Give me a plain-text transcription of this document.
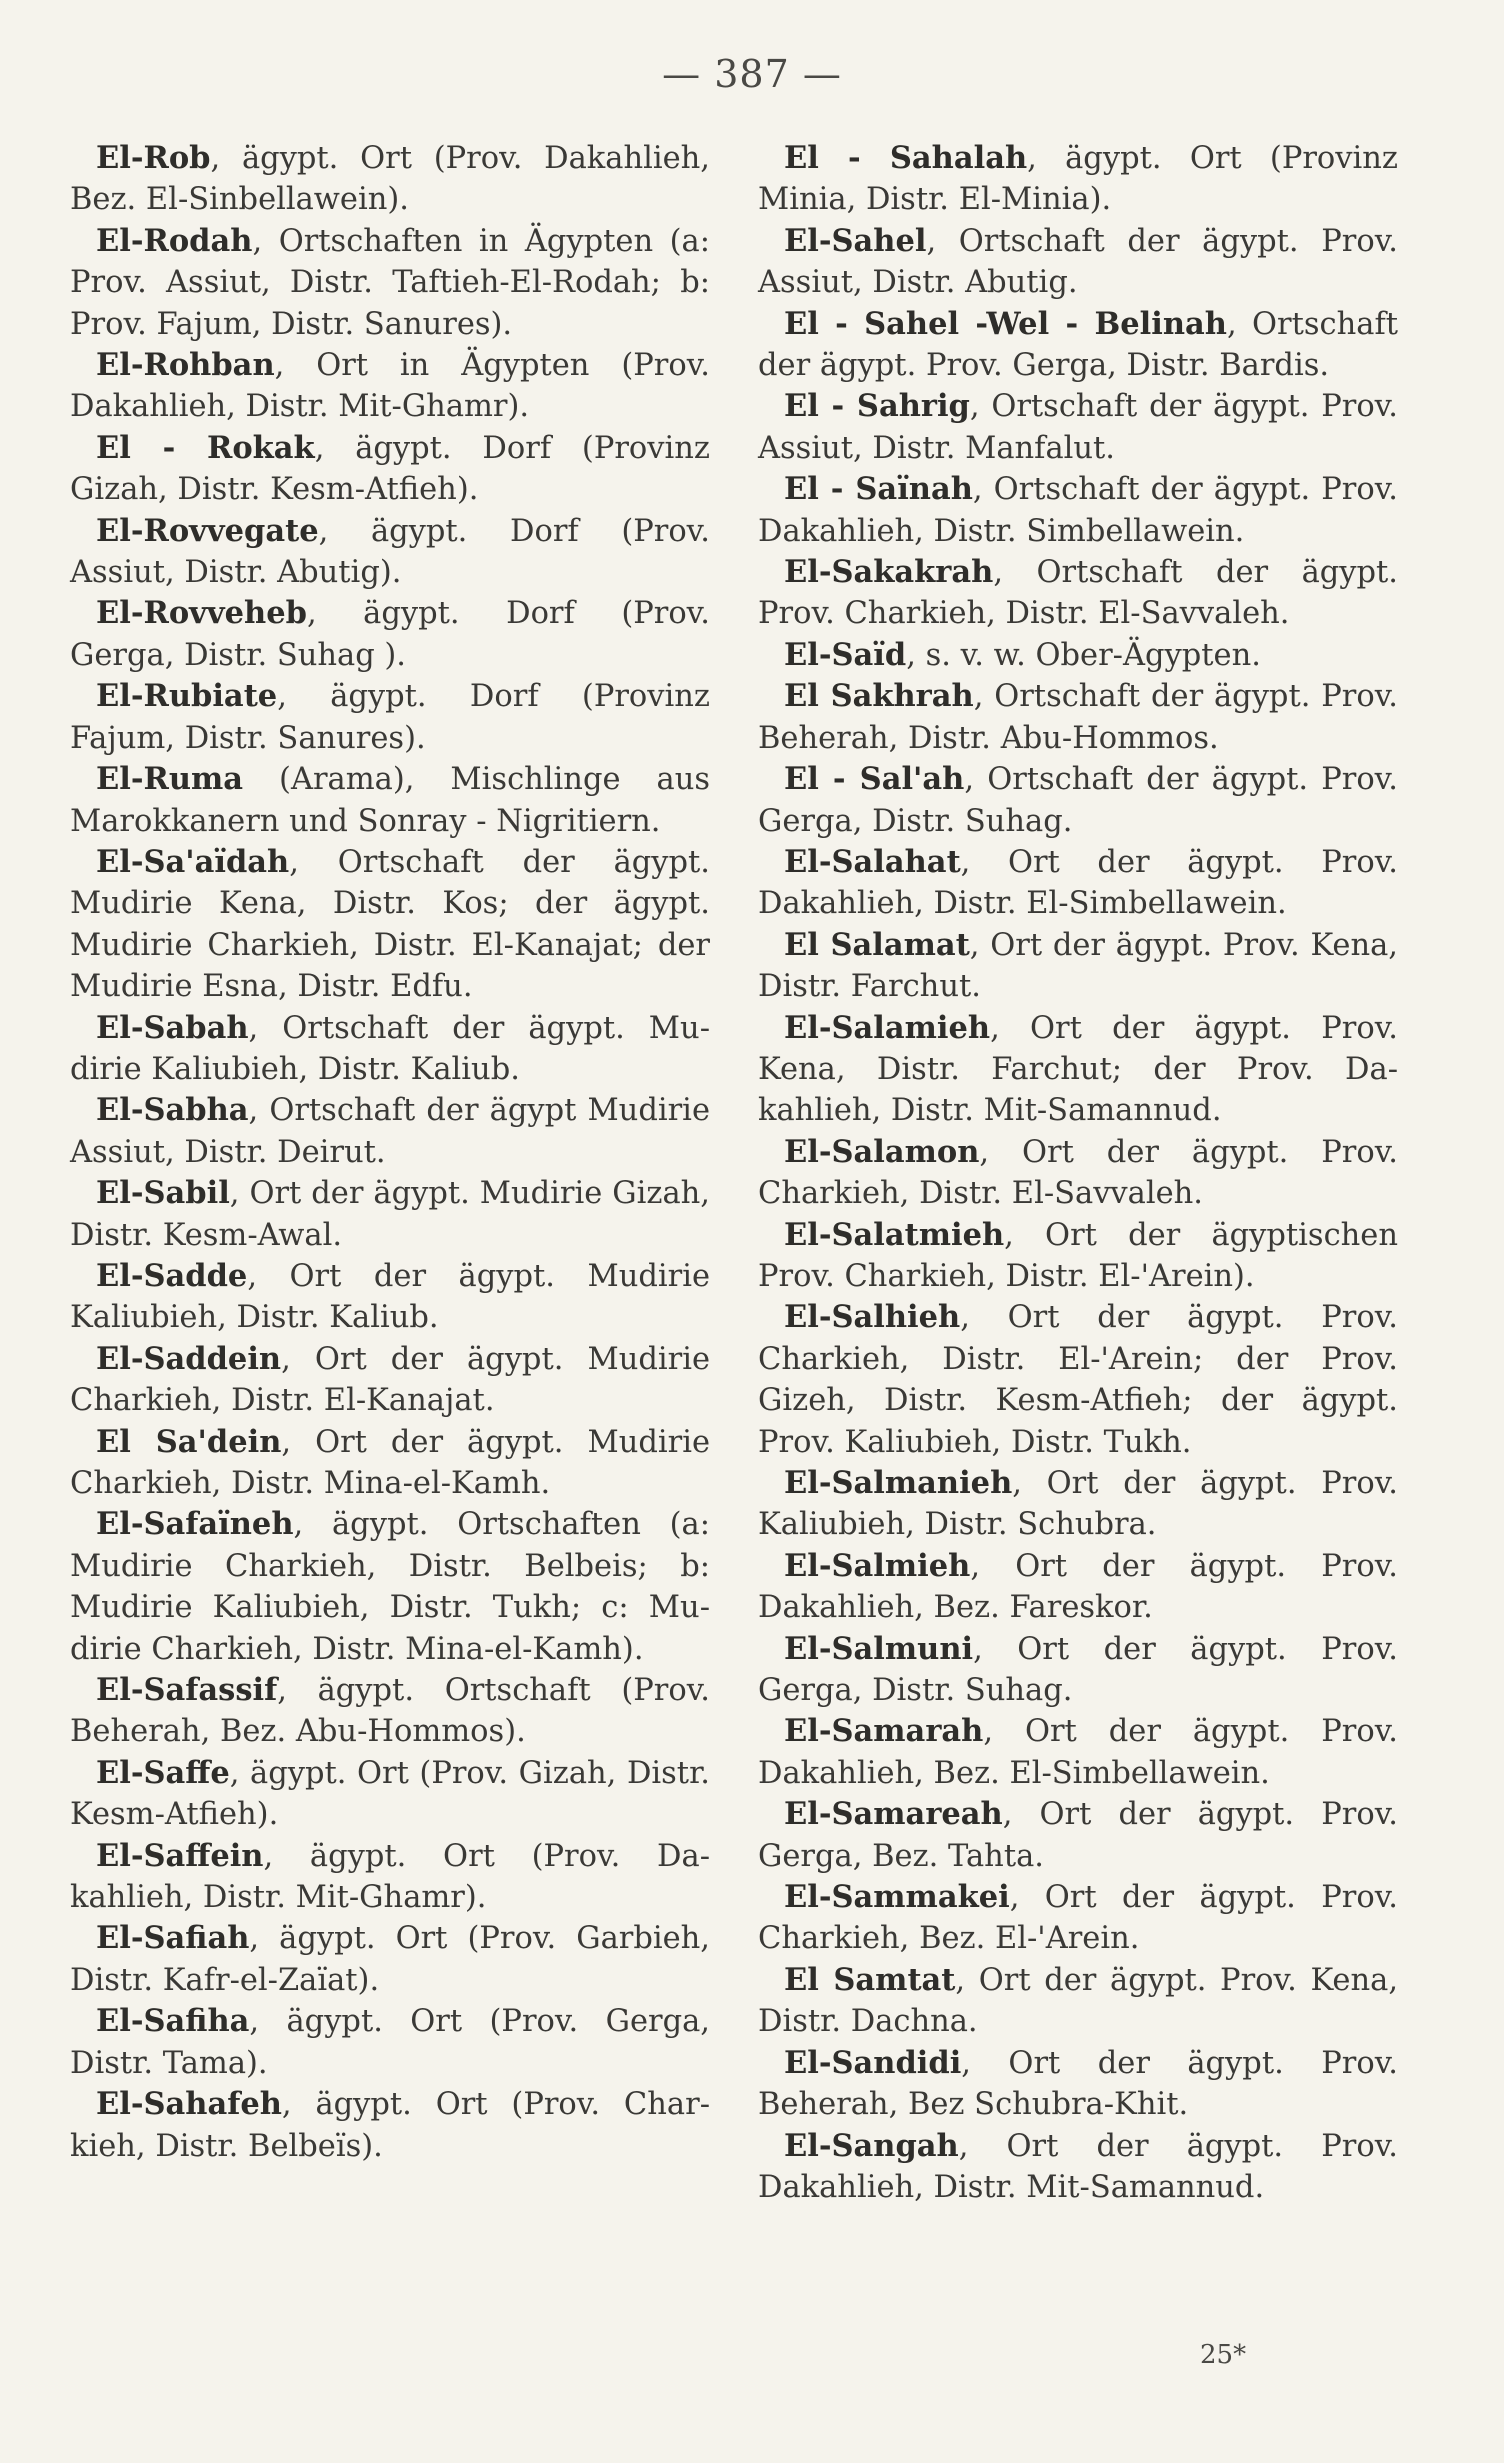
— 387 —

El-Rob, ägypt. Ort (Prov. Dakahlieh, Bez. El-Sinbellawein).

El-Rodah, Ortschaften in Ägypten (a: Prov. Assiut, Distr. Taftieh-El-Rodah; b: Prov. Fajum, Distr. Sanures).

El-Rohban, Ort in Ägypten (Prov. Dakahlieh, Distr. Mit-Ghamr).

El - Rokak, ägypt. Dorf (Provinz Gizah, Distr. Kesm-Atfieh).

El-Rovvegate, ägypt. Dorf (Prov. Assiut, Distr. Abutig).

El-Rovveheb, ägypt. Dorf (Prov. Gerga, Distr. Suhag ).

El-Rubiate, ägypt. Dorf (Provinz Fajum, Distr. Sanures).

El-Ruma (Arama), Mischlinge aus Marokkanern und Sonray - Nigritiern.

El-Sa'aïdah, Ortschaft der ägypt. Mudirie Kena, Distr. Kos; der ägypt. Mudirie Charkieh, Distr. El-Kanajat; der Mudirie Esna, Distr. Edfu.

El-Sabah, Ortschaft der ägypt. Mudirie Kaliubieh, Distr. Kaliub.

El-Sabha, Ortschaft der ägypt Mudirie Assiut, Distr. Deirut.

El-Sabil, Ort der ägypt. Mudirie Gizah, Distr. Kesm-Awal.

El-Sadde, Ort der ägypt. Mudirie Kaliubieh, Distr. Kaliub.

El-Saddein, Ort der ägypt. Mudirie Charkieh, Distr. El-Kanajat.

El Sa'dein, Ort der ägypt. Mudirie Charkieh, Distr. Mina-el-Kamh.

El-Safaïneh, ägypt. Ortschaften (a: Mudirie Charkieh, Distr. Belbeis; b: Mudirie Kaliubieh, Distr. Tukh; c: Mudirie Charkieh, Distr. Mina-el-Kamh).

El-Safassif, ägypt. Ortschaft (Prov. Beherah, Bez. Abu-Hommos).

El-Saffe, ägypt. Ort (Prov. Gizah, Distr. Kesm-Atfieh).

El-Saffein, ägypt. Ort (Prov. Dakahlieh, Distr. Mit-Ghamr).

El-Safiah, ägypt. Ort (Prov. Garbieh, Distr. Kafr-el-Zaïat).

El-Safiha, ägypt. Ort (Prov. Gerga, Distr. Tama).

El-Sahafeh, ägypt. Ort (Prov. Charkieh, Distr. Belbeïs).

El - Sahalah, ägypt. Ort (Provinz Minia, Distr. El-Minia).

El-Sahel, Ortschaft der ägypt. Prov. Assiut, Distr. Abutig.

El - Sahel -Wel - Belinah, Ortschaft der ägypt. Prov. Gerga, Distr. Bardis.

El - Sahrig, Ortschaft der ägypt. Prov. Assiut, Distr. Manfalut.

El - Saïnah, Ortschaft der ägypt. Prov. Dakahlieh, Distr. Simbellawein.

El-Sakakrah, Ortschaft der ägypt. Prov. Charkieh, Distr. El-Savvaleh.

El-Saïd, s. v. w. Ober-Ägypten.

El Sakhrah, Ortschaft der ägypt. Prov. Beherah, Distr. Abu-Hommos.

El - Sal'ah, Ortschaft der ägypt. Prov. Gerga, Distr. Suhag.

El-Salahat, Ort der ägypt. Prov. Dakahlieh, Distr. El-Simbellawein.

El Salamat, Ort der ägypt. Prov. Kena, Distr. Farchut.

El-Salamieh, Ort der ägypt. Prov. Kena, Distr. Farchut; der Prov. Dakahlieh, Distr. Mit-Samannud.

El-Salamon, Ort der ägypt. Prov. Charkieh, Distr. El-Savvaleh.

El-Salatmieh, Ort der ägyptischen Prov. Charkieh, Distr. El-'Arein).

El-Salhieh, Ort der ägypt. Prov. Charkieh, Distr. El-'Arein; der Prov. Gizeh, Distr. Kesm-Atfieh; der ägypt. Prov. Kaliubieh, Distr. Tukh.

El-Salmanieh, Ort der ägypt. Prov. Kaliubieh, Distr. Schubra.

El-Salmieh, Ort der ägypt. Prov. Dakahlieh, Bez. Fareskor.

El-Salmuni, Ort der ägypt. Prov. Gerga, Distr. Suhag.

El-Samarah, Ort der ägypt. Prov. Dakahlieh, Bez. El-Simbellawein.

El-Samareah, Ort der ägypt. Prov. Gerga, Bez. Tahta.

El-Sammakei, Ort der ägypt. Prov. Charkieh, Bez. El-'Arein.

El Samtat, Ort der ägypt. Prov. Kena, Distr. Dachna.

El-Sandidi, Ort der ägypt. Prov. Beherah, Bez Schubra-Khit.

El-Sangah, Ort der ägypt. Prov. Dakahlieh, Distr. Mit-Samannud.

25*
